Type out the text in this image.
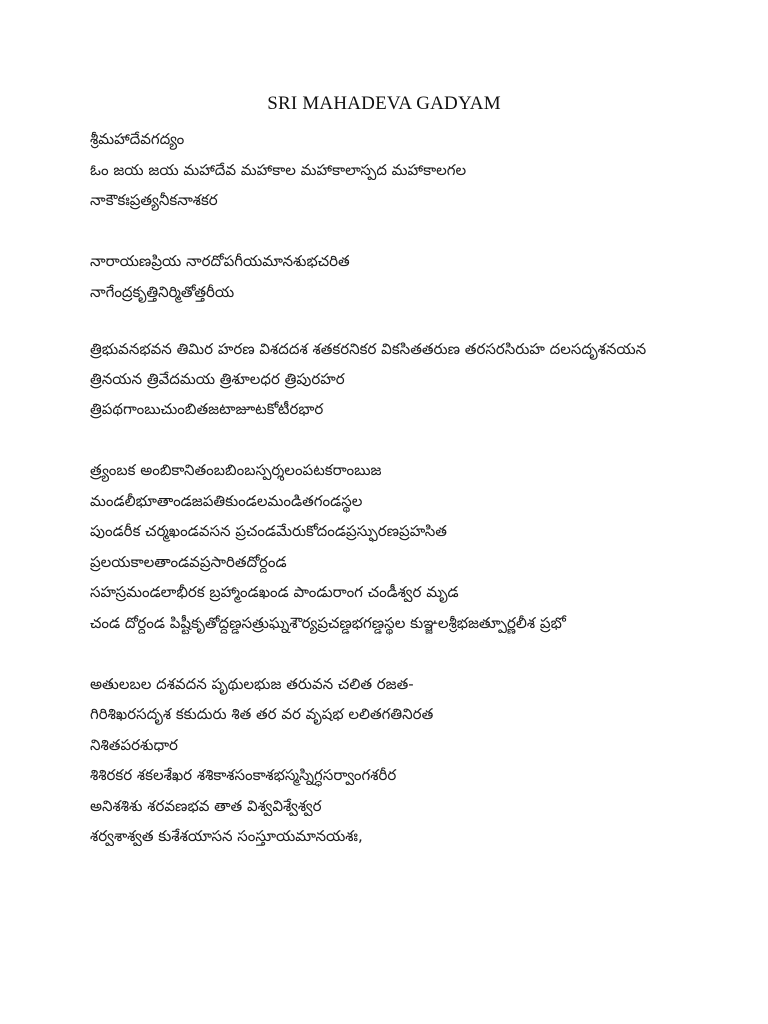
SRI MAHADEVA GADYAM
శ్రీమహాదేవగద్యం
ఓం జయ జయ మహాదేవ మహాకాల మహాకాలాస్పద మహాకాలగల
నాకౌకఃప్రత్యనీకనాశకర
నారాయణప్రియ నారదోపగీయమానశుభచరిత
నాగేంద్రకృత్తినిర్మితోత్తరీయ
త్రిభువనభవన తిమిర హరణ విశదదశ శతకరనికర వికసితతరుణ తరసరసిరుహ దలసదృశనయన
త్రినయన త్రివేదమయ త్రిశూలధర త్రిపురహర
త్రిపథగాంబుచుంబితజటాజూటకోటీరభార
త్ర్యంబక అంబికానితంబబింబస్పర్శలంపటకరాంబుజ
మండలీభూతాండజపతికుండలమండితగండస్థల
పుండరీక చర్మఖండవసన ప్రచండమేరుకోదండప్రస్ఫురణప్రహసిత
ప్రలయకాలతాండవప్రసారితదోర్దండ
సహస్రమండలాభీరక బ్రహ్మాండఖండ పాండురాంగ చండీశ్వర మృడ
చండ దోర్దండ పిష్టీకృతోద్దణ్డసత్రుఘ్నశౌర్యప్రచణ్డభగణ్డస్థల కుఞ్జలశ్రీభజత్పూర్ణలీశ ప్రభో
అతులబల దశవదన పృథులభుజ తరువన చలిత రజత-
గిరిశిఖరసదృశ కకుదురు శిత తర వర వృషభ లలితగతినిరత
నిశితపరశుధార
శిశిరకర శకలశేఖర శశికాశసంకాశభస్మస్నిగ్ధసర్వాంగశరీర
అనిశశిశు శరవణభవ తాత విశ్వవిశ్వేశ్వర
శర్వశాశ్వత కుశేశయాసన సంస్తూయమానయశః,
